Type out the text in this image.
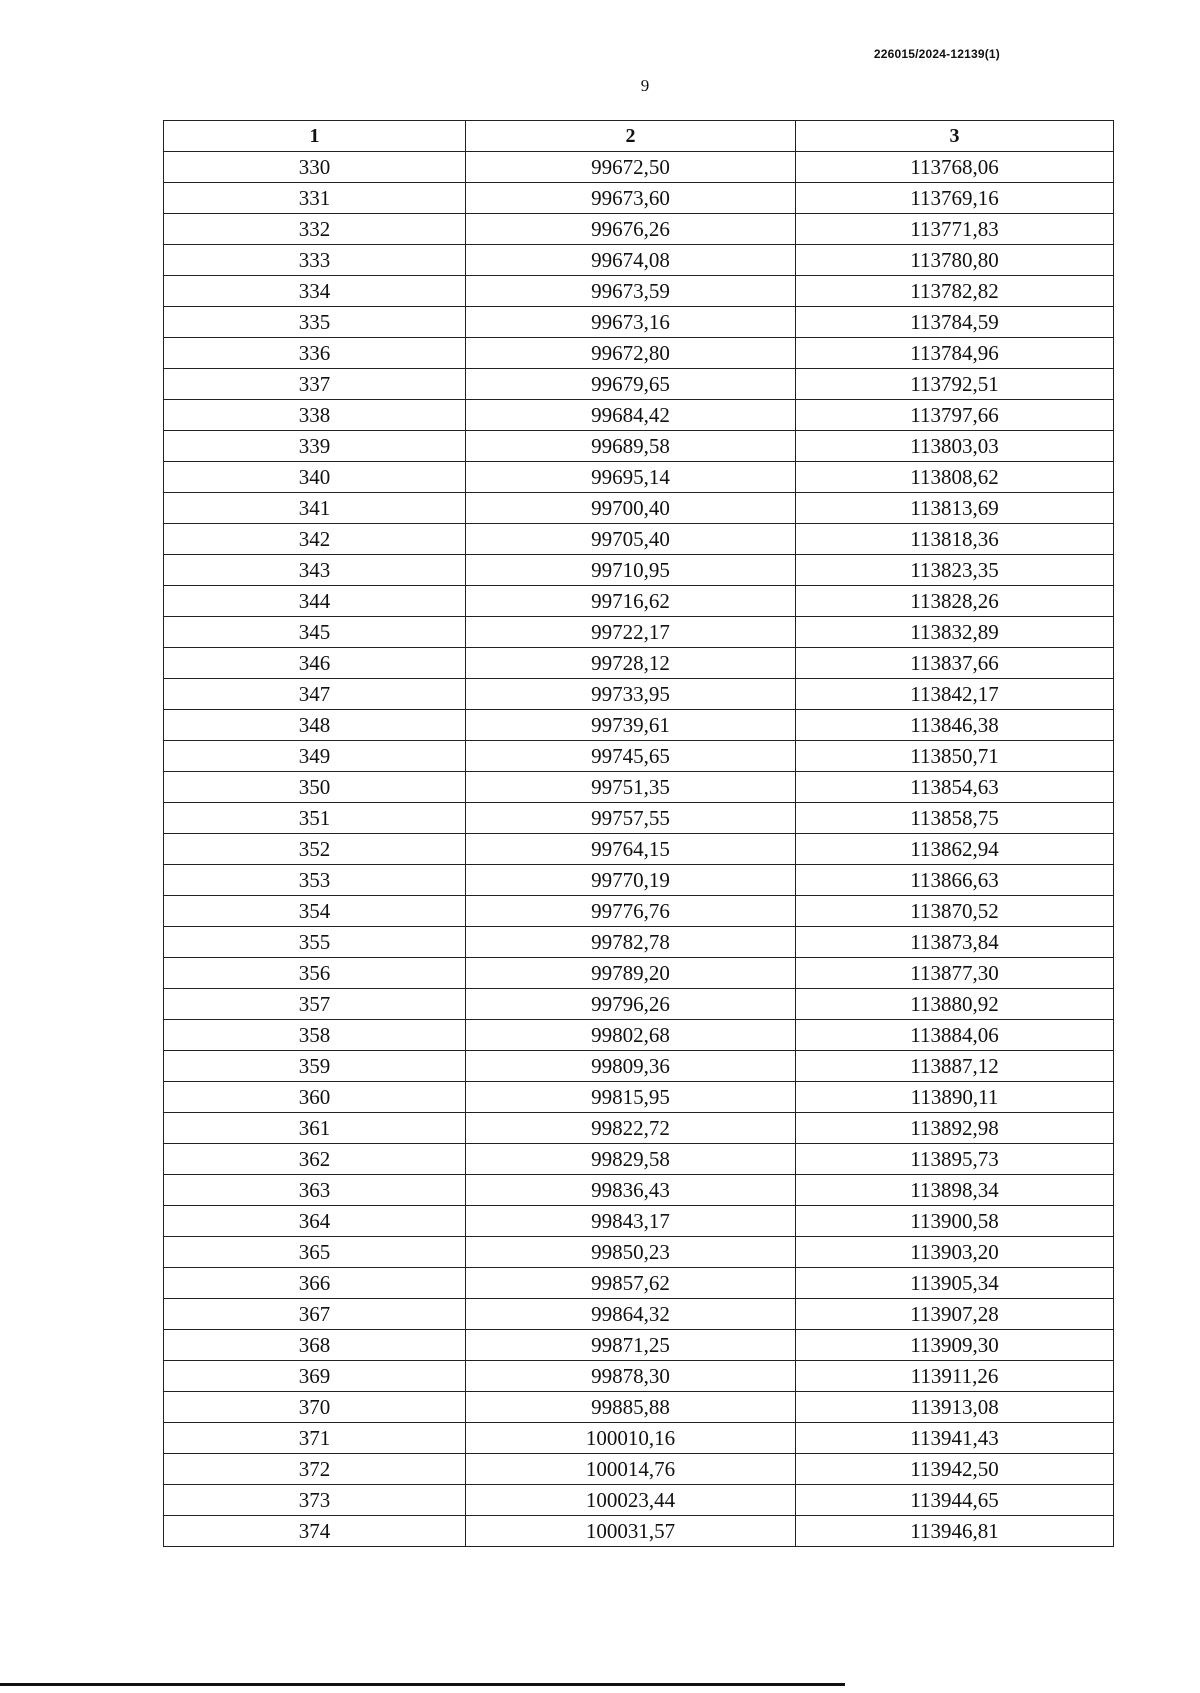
226015/2024-12139(1)
9
1	2	3
330	99672,50	113768,06
331	99673,60	113769,16
332	99676,26	113771,83
333	99674,08	113780,80
334	99673,59	113782,82
335	99673,16	113784,59
336	99672,80	113784,96
337	99679,65	113792,51
338	99684,42	113797,66
339	99689,58	113803,03
340	99695,14	113808,62
341	99700,40	113813,69
342	99705,40	113818,36
343	99710,95	113823,35
344	99716,62	113828,26
345	99722,17	113832,89
346	99728,12	113837,66
347	99733,95	113842,17
348	99739,61	113846,38
349	99745,65	113850,71
350	99751,35	113854,63
351	99757,55	113858,75
352	99764,15	113862,94
353	99770,19	113866,63
354	99776,76	113870,52
355	99782,78	113873,84
356	99789,20	113877,30
357	99796,26	113880,92
358	99802,68	113884,06
359	99809,36	113887,12
360	99815,95	113890,11
361	99822,72	113892,98
362	99829,58	113895,73
363	99836,43	113898,34
364	99843,17	113900,58
365	99850,23	113903,20
366	99857,62	113905,34
367	99864,32	113907,28
368	99871,25	113909,30
369	99878,30	113911,26
370	99885,88	113913,08
371	100010,16	113941,43
372	100014,76	113942,50
373	100023,44	113944,65
374	100031,57	113946,81
